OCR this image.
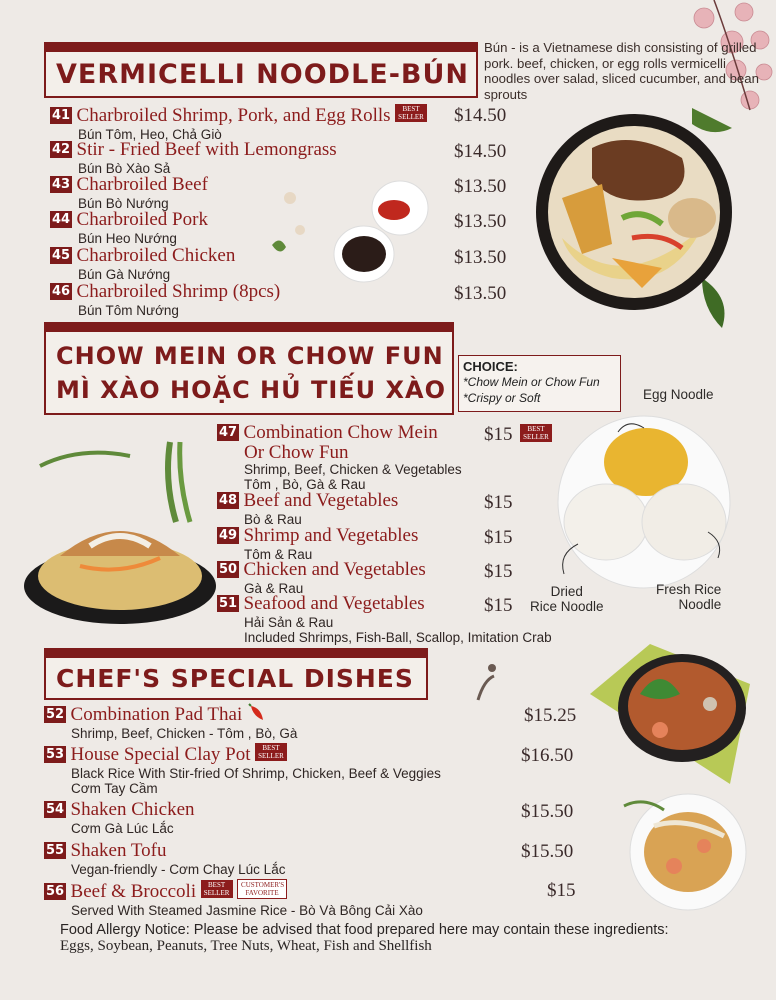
VERMICELLI NOODLE-BÚN
Bún - is a Vietnamese dish consisting of grilled pork. beef, chicken, or egg rolls vermicelli noodles over salad, sliced cucumber, and bean sprouts
41 Charbroiled Shrimp, Pork, and Egg Rolls BEST SELLER
Bún Tôm, Heo, Chả Giò
$14.50
42 Stir - Fried Beef with Lemongrass
Bún Bò Xào Sả
$14.50
43 Charbroiled Beef
Bún Bò Nướng
$13.50
44 Charbroiled Pork
Bún Heo Nướng
$13.50
45 Charbroiled Chicken
Bún Gà Nướng
$13.50
46 Charbroiled Shrimp (8pcs)
Bún Tôm Nướng
$13.50
CHOW MEIN OR CHOW FUN
MÌ XÀO HOẶC HỦ TIẾU XÀO
CHOICE:
*Chow Mein or Chow Fun
*Crispy or Soft
47 Combination Chow Mein
Or Chow Fun
Shrimp, Beef, Chicken & Vegetables
Tôm , Bò, Gà & Rau
$15	BEST SELLER
48 Beef and Vegetables
Bò & Rau
$15
49 Shrimp and Vegetables
Tôm & Rau
$15
50 Chicken and Vegetables
Gà & Rau
$15
51 Seafood and Vegetables
Hải Sản & Rau
Included Shrimps, Fish-Ball, Scallop, Imitation Crab
$15
Egg Noodle
Dried
Rice Noodle
Fresh Rice
Noodle
CHEF'S SPECIAL DISHES
52 Combination Pad Thai
Shrimp, Beef, Chicken - Tôm , Bò, Gà
$15.25
53 House Special Clay Pot BEST SELLER
Black Rice With Stir-fried Of Shrimp, Chicken, Beef & Veggies
Cơm Tay Cầm
$16.50
54 Shaken Chicken
Cơm Gà Lúc Lắc
$15.50
55 Shaken Tofu
Vegan-friendly - Cơm Chay Lúc Lắc
$15.50
56 Beef & Broccoli BEST SELLER CUSTOMER'S FAVORITE
Served With Steamed Jasmine Rice - Bò Và Bông Cải Xào
$15
Food Allergy Notice: Please be advised that food prepared here may contain these ingredients:
Eggs, Soybean, Peanuts, Tree Nuts, Wheat, Fish and Shellfish
